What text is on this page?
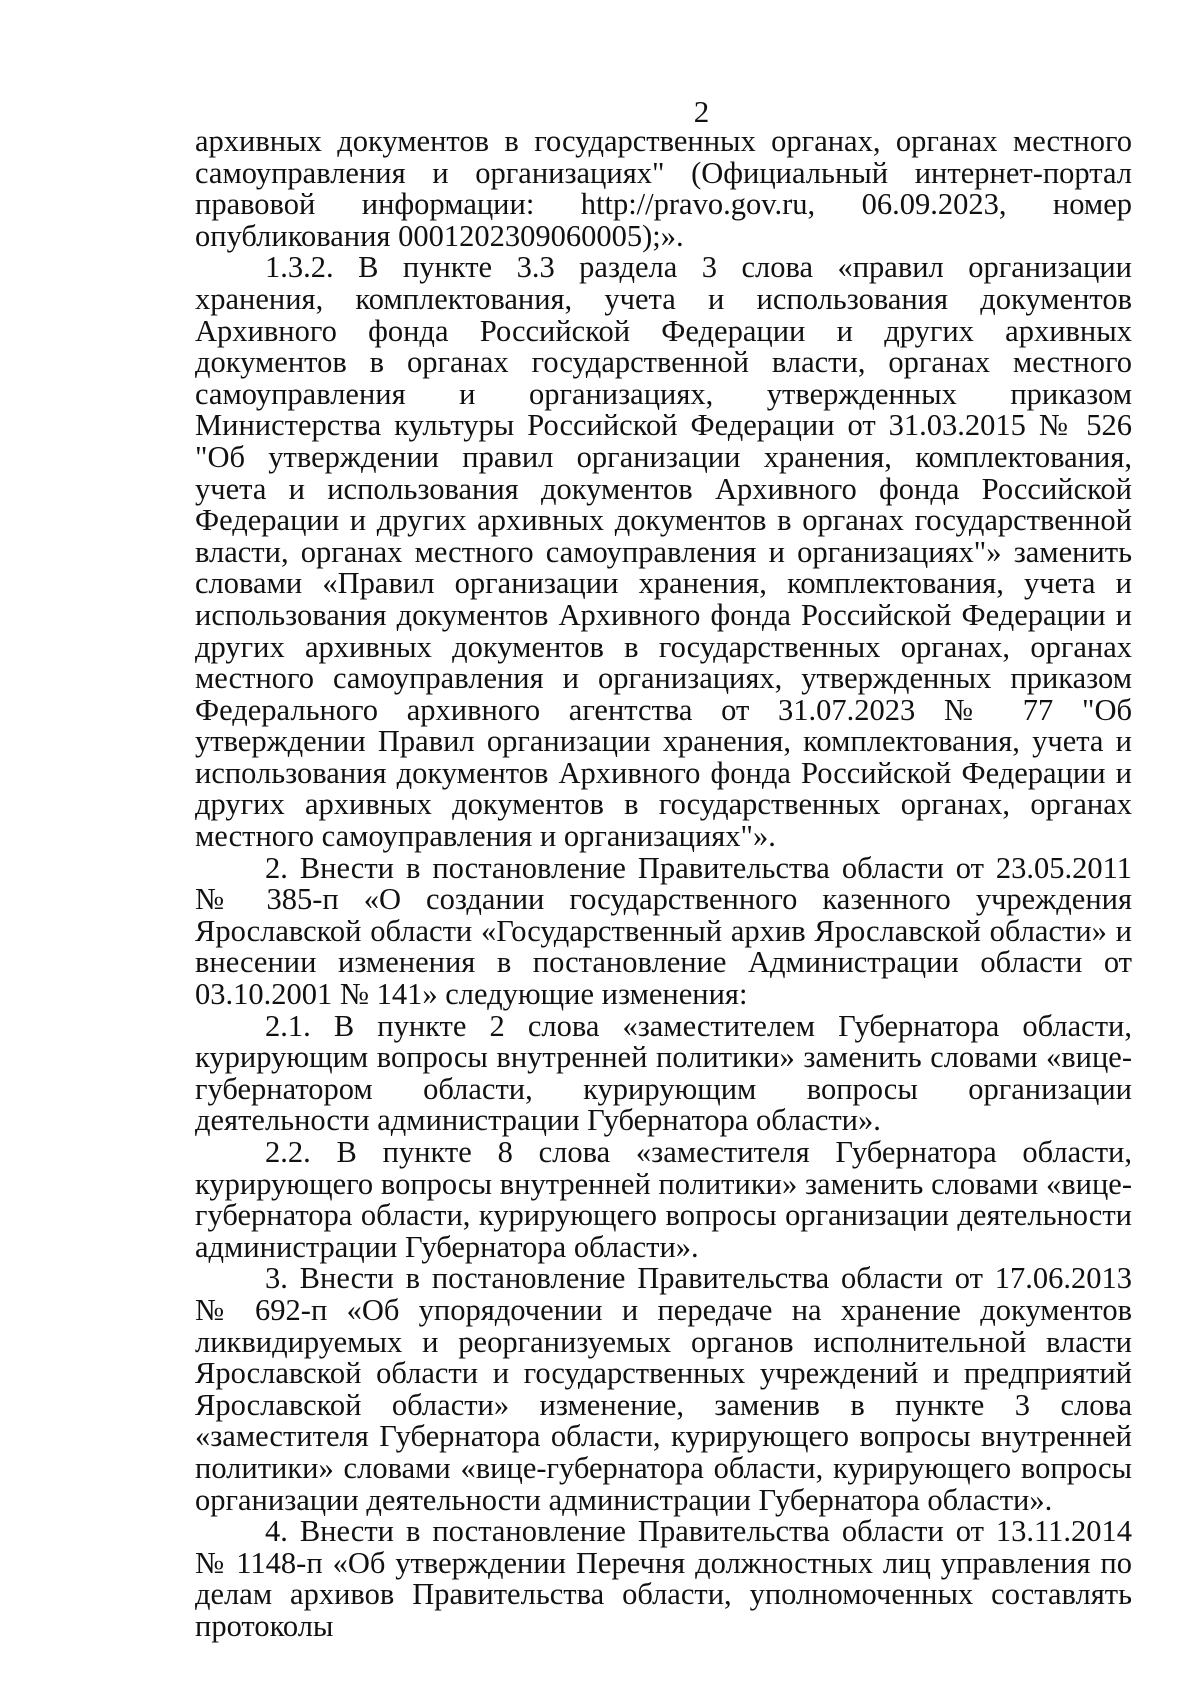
2

архивных документов в государственных органах, органах местного самоуправления и организациях" (Официальный интернет-портал правовой информации: http://pravo.gov.ru, 06.09.2023, номер опубликования 0001202309060005);».

1.3.2. В пункте 3.3 раздела 3 слова «правил организации хранения, комплектования, учета и использования документов Архивного фонда Российской Федерации и других архивных документов в органах государственной власти, органах местного самоуправления и организациях, утвержденных приказом Министерства культуры Российской Федерации от 31.03.2015 № 526 "Об утверждении правил организации хранения, комплектования, учета и использования документов Архивного фонда Российской Федерации и других архивных документов в органах государственной власти, органах местного самоуправления и организациях"» заменить словами «Правил организации хранения, комплектования, учета и использования документов Архивного фонда Российской Федерации и других архивных документов в государственных органах, органах местного самоуправления и организациях, утвержденных приказом Федерального архивного агентства от 31.07.2023 № 77 "Об утверждении Правил организации хранения, комплектования, учета и использования документов Архивного фонда Российской Федерации и других архивных документов в государственных органах, органах местного самоуправления и организациях"».

2. Внести в постановление Правительства области от 23.05.2011 № 385-п «О создании государственного казенного учреждения Ярославской области «Государственный архив Ярославской области» и внесении изменения в постановление Администрации области от 03.10.2001 № 141» следующие изменения:

2.1. В пункте 2 слова «заместителем Губернатора области, курирующим вопросы внутренней политики» заменить словами «вице-губернатором области, курирующим вопросы организации деятельности администрации Губернатора области».

2.2. В пункте 8 слова «заместителя Губернатора области, курирующего вопросы внутренней политики» заменить словами «вице-губернатора области, курирующего вопросы организации деятельности администрации Губернатора области».

3. Внести в постановление Правительства области от 17.06.2013 № 692-п «Об упорядочении и передаче на хранение документов ликвидируемых и реорганизуемых органов исполнительной власти Ярославской области и государственных учреждений и предприятий Ярославской области» изменение, заменив в пункте 3 слова «заместителя Губернатора области, курирующего вопросы внутренней политики» словами «вице-губернатора области, курирующего вопросы организации деятельности администрации Губернатора области».

4. Внести в постановление Правительства области от 13.11.2014 № 1148-п «Об утверждении Перечня должностных лиц управления по делам архивов Правительства области, уполномоченных составлять протоколы
